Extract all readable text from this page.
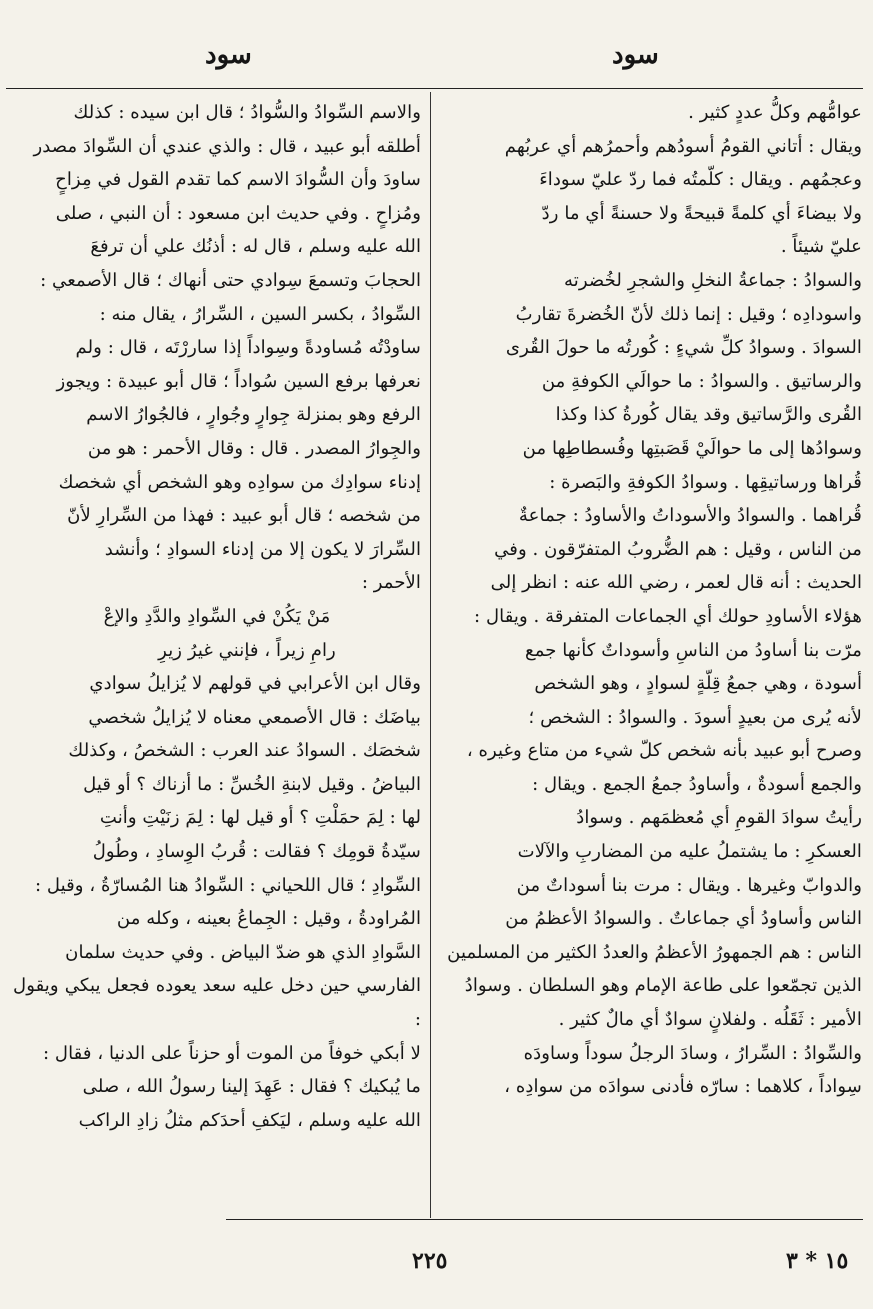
سود	سود

عوامُّهم وكلُّ عددٍ كثير .

ويقال : أتاني القومُ أسودُهم وأحمرُهم أي عربُهم

وعجمُهم . ويقال : كلّمتُه فما ردّ عليّ سوداءَ

ولا بيضاءَ أي كلمةً قبيحةً ولا حسنةً أي ما ردّ

عليّ شيئاً .

والسوادُ : جماعةُ النخلِ والشجرِ لخُضرته

واسودادِه ؛ وقيل : إنما ذلك لأنّ الخُضرةَ تقاربُ

السوادَ . وسوادُ كلِّ شيءٍ : كُورتُه ما حولَ القُرى

والرساتيق . والسوادُ : ما حوالَي الكوفةِ من

القُرى والرَّساتيق وقد يقال كُورةُ كذا وكذا

وسوادُها إلى ما حوالَيْ قَصَبتِها وفُسطاطِها من

قُراها ورساتيقِها . وسوادُ الكوفةِ والبَصرة :

قُراهما . والسوادُ والأسوداتُ والأساودُ : جماعةٌ

من الناس ، وقيل : هم الضُّروبُ المتفرّقون . وفي

الحديث : أنه قال لعمر ، رضي الله عنه : انظر إلى

هؤلاء الأساودِ حولك أي الجماعات المتفرقة . ويقال :

مرّت بنا أساودُ من الناسِ وأسوداتٌ كأنها جمع

أسودة ، وهي جمعُ قِلّةٍ لسوادٍ ، وهو الشخص

لأنه يُرى من بعيدٍ أسودَ . والسوادُ : الشخص ؛

وصرح أبو عبيد بأنه شخص كلّ شيء من متاع وغيره ،

والجمع أسودةٌ ، وأساودُ جمعُ الجمع . ويقال :

رأيتُ سوادَ القومِ أي مُعظمَهم . وسوادُ

العسكرِ : ما يشتملُ عليه من المضاربِ والآلات

والدوابّ وغيرها . ويقال : مرت بنا أسوداتٌ من

الناس وأساودُ أي جماعاتٌ . والسوادُ الأعظمُ من

الناس : هم الجمهورُ الأعظمُ والعددُ الكثير من المسلمين

الذين تجمّعوا على طاعة الإمام وهو السلطان . وسوادُ

الأمير : ثَقَلُه . ولفلانٍ سوادٌ أي مالٌ كثير .

والسِّوادُ : السِّرارُ ، وسادَ الرجلُ سوداً وساودَه

سِواداً ، كلاهما : سارّه فأدنى سوادَه من سوادِه ،

والاسم السِّوادُ والسُّوادُ ؛ قال ابن سيده : كذلك

أطلقه أبو عبيد ، قال : والذي عندي أن السِّوادَ مصدر

ساودَ وأن السُّوادَ الاسم كما تقدم القول في مِزاحٍ

ومُزاحٍ . وفي حديث ابن مسعود : أن النبي ، صلى

الله عليه وسلم ، قال له : أذنُك علي أن ترفعَ

الحجابَ وتسمعَ سِوادي حتى أنهاك ؛ قال الأصمعي :

السِّوادُ ، بكسر السين ، السِّرارُ ، يقال منه :

ساودْتُه مُساودةً وسِواداً إذا ساررْتَه ، قال : ولم

نعرفها برفع السين سُواداً ؛ قال أبو عبيدة : ويجوز

الرفع وهو بمنزلة جِوارٍ وجُوارٍ ، فالجُوارُ الاسم

والجِوارُ المصدر . قال : وقال الأحمر : هو من

إدناء سوادِك من سوادِه وهو الشخص أي شخصك

من شخصه ؛ قال أبو عبيد : فهذا من السِّرارِ لأنّ

السِّرارَ لا يكون إلا من إدناء السوادِ ؛ وأنشد

الأحمر :

مَنْ يَكُنْ في السِّوادِ والدَّدِ والإعْ

رامِ زيراً ، فإنني غيرُ زيرِ

وقال ابن الأعرابي في قولهم لا يُزايلُ سوادي

بياضَك : قال الأصمعي معناه لا يُزايلُ شخصي

شخصَك . السوادُ عند العرب : الشخصُ ، وكذلك

البياضُ . وقيل لابنةِ الخُسِّ : ما أزناك ؟ أو قيل

لها : لِمَ حمَلْتِ ؟ أو قيل لها : لِمَ زنَيْتِ وأنتِ

سيّدةُ قومِك ؟ فقالت : قُربُ الوِسادِ ، وطُولُ

السِّوادِ ؛ قال اللحياني : السِّوادُ هنا المُسارّةُ ، وقيل :

المُراودةُ ، وقيل : الجِماعُ بعينه ، وكله من

السَّوادِ الذي هو ضدّ البياض . وفي حديث سلمان

الفارسي حين دخل عليه سعد يعوده فجعل يبكي ويقول :

لا أبكي خوفاً من الموت أو حزناً على الدنيا ، فقال :

ما يُبكيك ؟ فقال : عَهِدَ إلينا رسولُ الله ، صلى

الله عليه وسلم ، ليَكفِ أحدَكم مثلُ زادِ الراكب

٢٢٥	١٥ * ٣
